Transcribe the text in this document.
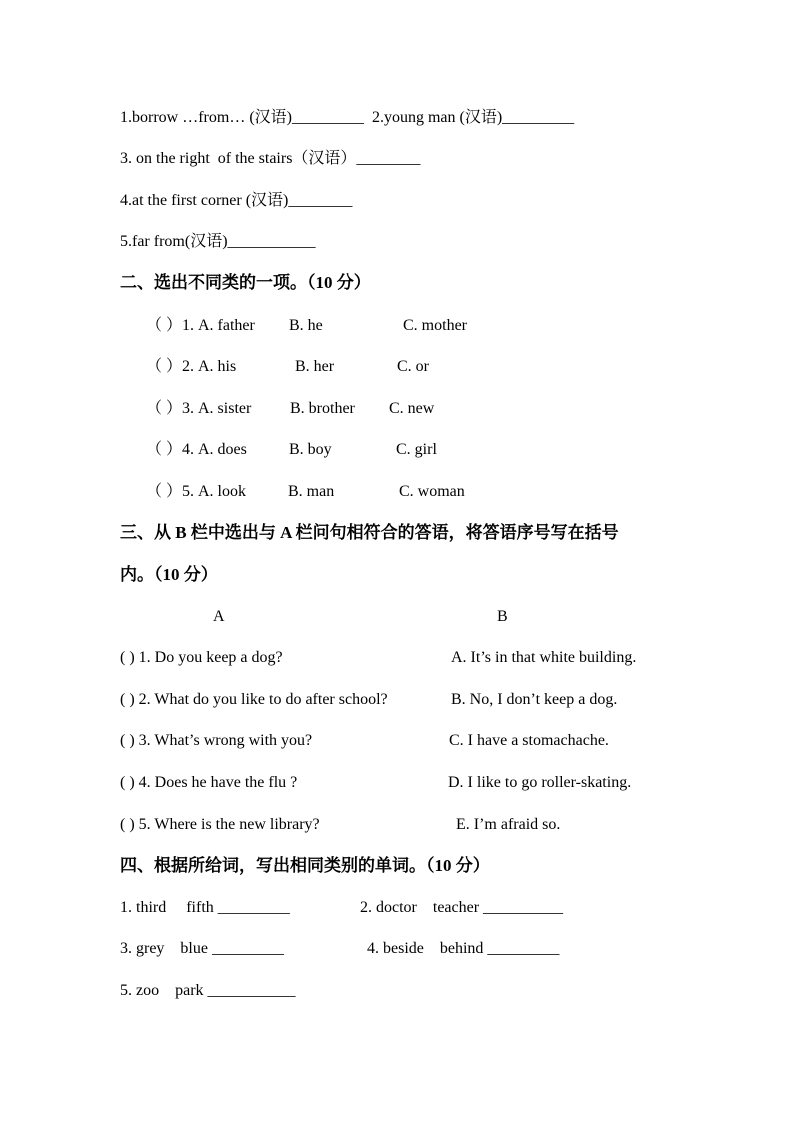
1.borrow …from… (汉语)_________  2.young man (汉语)_________
3. on the right  of the stairs（汉语）________
4.at the first corner (汉语)________
5.far from(汉语)___________
二、选出不同类的一项。（10 分）
（ ）1. A. father B. he	C. mother
（ ）2. A. his	B. her	C. or
（ ）3. A. sister B. brother C. new
（ ）4. A. does	B. boy	C. girl
（ ）5. A. look	B. man	C. woman
三、从 B 栏中选出与 A 栏问句相符合的答语，将答语序号写在括号
内。（10 分）
A	B
( ) 1. Do you keep a dog?	A. It’s in that white building.
( ) 2. What do you like to do after school?	B. No, I don’t keep a dog.
( ) 3. What’s wrong with you?	C. I have a stomachache.
( ) 4. Does he have the flu ?	D. I like to go roller-skating.
( ) 5. Where is the new library?	E. I’m afraid so.
四、根据所给词，写出相同类别的单词。（10 分）
1. third     fifth _________	2. doctor    teacher __________
3. grey    blue _________	4. beside    behind _________
5. zoo    park ___________
